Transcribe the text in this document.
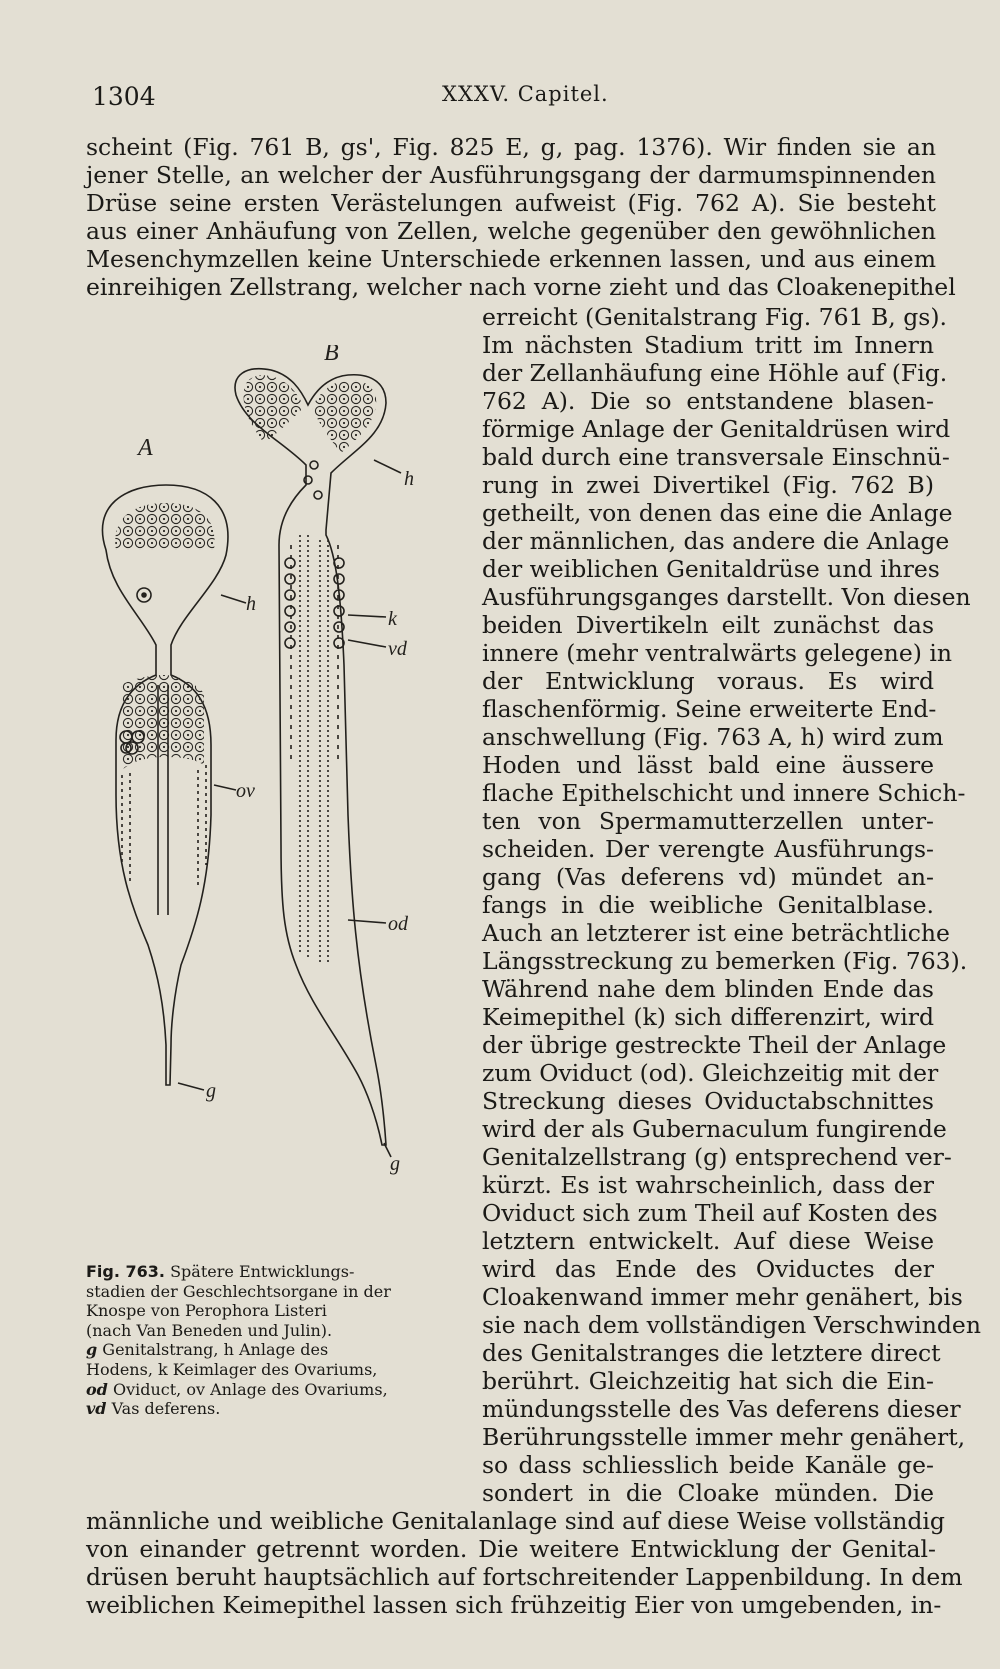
1304	XXXV. Capitel.
scheint (Fig. 761 B, gs', Fig. 825 E, g, pag. 1376). Wir finden sie an
jener Stelle, an welcher der Ausführungsgang der darmumspinnenden
Drüse seine ersten Verästelungen aufweist (Fig. 762 A). Sie besteht
aus einer Anhäufung von Zellen, welche gegenüber den gewöhnlichen
Mesenchymzellen keine Unterschiede erkennen lassen, und aus einem
einreihigen Zellstrang, welcher nach vorne zieht und das Cloakenepithel
erreicht (Genitalstrang Fig. 761 B, gs).
Im nächsten Stadium tritt im Innern
der Zellanhäufung eine Höhle auf (Fig.
762 A). Die so entstandene blasen-
förmige Anlage der Genitaldrüsen wird
bald durch eine transversale Einschnü-
rung in zwei Divertikel (Fig. 762 B)
getheilt, von denen das eine die Anlage
der männlichen, das andere die Anlage
der weiblichen Genitaldrüse und ihres
Ausführungsganges darstellt. Von diesen
beiden Divertikeln eilt zunächst das
innere (mehr ventralwärts gelegene) in
der Entwicklung voraus. Es wird
flaschenförmig. Seine erweiterte End-
anschwellung (Fig. 763 A, h) wird zum
Hoden und lässt bald eine äussere
flache Epithelschicht und innere Schich-
ten von Spermamutterzellen unter-
scheiden. Der verengte Ausführungs-
gang (Vas deferens vd) mündet an-
fangs in die weibliche Genitalblase.
Auch an letzterer ist eine beträchtliche
Längsstreckung zu bemerken (Fig. 763).
Während nahe dem blinden Ende das
Keimepithel (k) sich differenzirt, wird
der übrige gestreckte Theil der Anlage
zum Oviduct (od). Gleichzeitig mit der
Streckung dieses Oviductabschnittes
wird der als Gubernaculum fungirende
Genitalzellstrang (g) entsprechend ver-
kürzt. Es ist wahrscheinlich, dass der
Oviduct sich zum Theil auf Kosten des
letztern entwickelt. Auf diese Weise
wird das Ende des Oviductes der
Cloakenwand immer mehr genähert, bis
sie nach dem vollständigen Verschwinden
des Genitalstranges die letztere direct
berührt. Gleichzeitig hat sich die Ein-
mündungsstelle des Vas deferens dieser
Berührungsstelle immer mehr genähert,
so dass schliesslich beide Kanäle ge-
sondert in die Cloake münden. Die
männliche und weibliche Genitalanlage sind auf diese Weise vollständig
von einander getrennt worden. Die weitere Entwicklung der Genital-
drüsen beruht hauptsächlich auf fortschreitender Lappenbildung. In dem
weiblichen Keimepithel lassen sich frühzeitig Eier von umgebenden, in-
A
B
h
h
k
vd
ov
od
g
g
Fig. 763. Spätere Entwicklungs-
stadien der Geschlechtsorgane in der
Knospe von Perophora Listeri
(nach Van Beneden und Julin).
g Genitalstrang, h Anlage des
Hodens, k Keimlager des Ovariums,
od Oviduct, ov Anlage des Ovariums,
vd Vas deferens.
